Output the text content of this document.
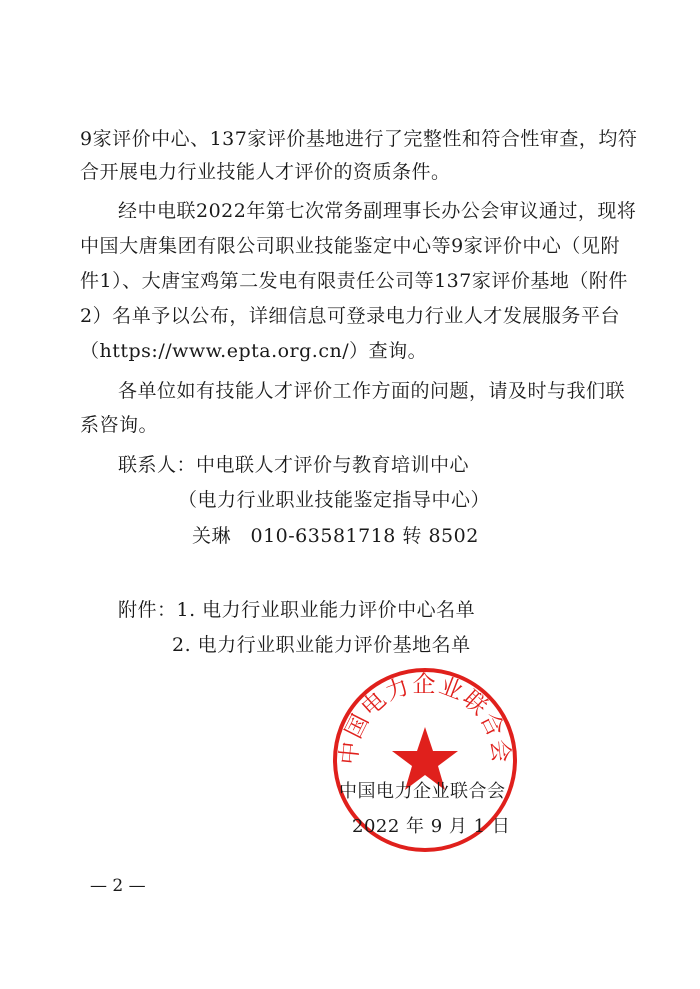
9家评价中心、137家评价基地进行了完整性和符合性审查，均符
合开展电力行业技能人才评价的资质条件。
经中电联2022年第七次常务副理事长办公会审议通过，现将
中国大唐集团有限公司职业技能鉴定中心等9家评价中心（见附
件1）、大唐宝鸡第二发电有限责任公司等137家评价基地（附件
2）名单予以公布，详细信息可登录电力行业人才发展服务平台
（https://www.epta.org.cn/）查询。
各单位如有技能人才评价工作方面的问题，请及时与我们联
系咨询。
联系人：中电联人才评价与教育培训中心
（电力行业职业技能鉴定指导中心）
关琳　010-63581718 转 8502
附件：1. 电力行业职业能力评价中心名单
2. 电力行业职业能力评价基地名单
中国电力企业联合会
中国电力企业联合会
2022 年 9 月 1 日
— 2 —
